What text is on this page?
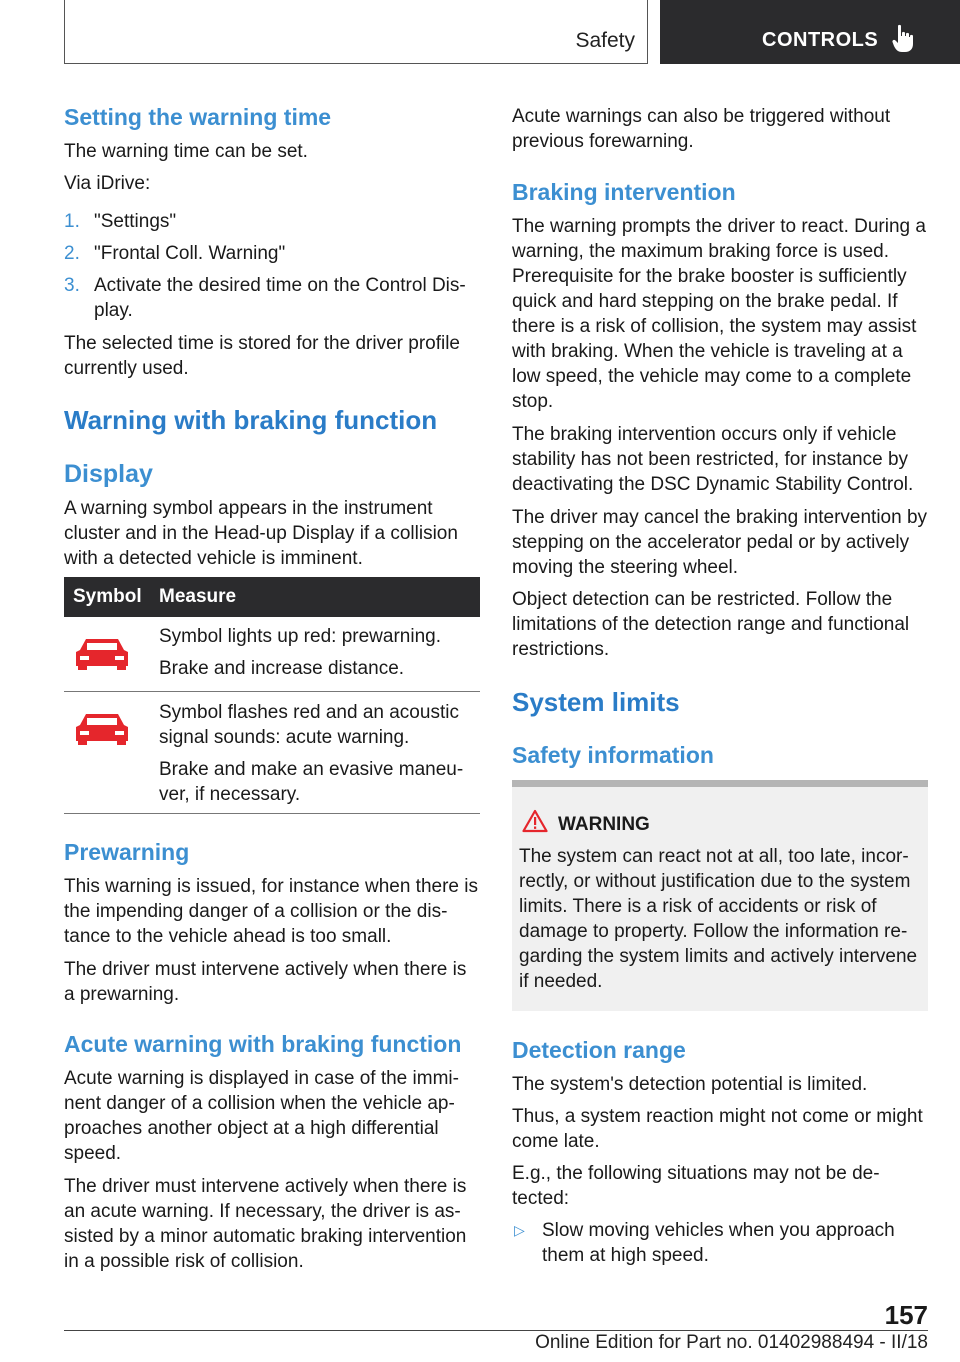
Safety	CONTROLS
Setting the warning time
The warning time can be set.
Via iDrive:
1. "Settings"
2. "Frontal Coll. Warning"
3. Activate the desired time on the Control Display.
The selected time is stored for the driver profile currently used.
Warning with braking function
Display
A warning symbol appears in the instrument cluster and in the Head-up Display if a collision with a detected vehicle is imminent.
Symbol Measure
Symbol lights up red: prewarning.
Brake and increase distance.
Symbol flashes red and an acoustic signal sounds: acute warning.
Brake and make an evasive maneuver, if necessary.
Prewarning
This warning is issued, for instance when there is the impending danger of a collision or the distance to the vehicle ahead is too small.
The driver must intervene actively when there is a prewarning.
Acute warning with braking function
Acute warning is displayed in case of the imminent danger of a collision when the vehicle approaches another object at a high differential speed.
The driver must intervene actively when there is an acute warning. If necessary, the driver is assisted by a minor automatic braking intervention in a possible risk of collision.
Acute warnings can also be triggered without previous forewarning.
Braking intervention
The warning prompts the driver to react. During a warning, the maximum braking force is used. Prerequisite for the brake booster is sufficiently quick and hard stepping on the brake pedal. If there is a risk of collision, the system may assist with braking. When the vehicle is traveling at a low speed, the vehicle may come to a complete stop.
The braking intervention occurs only if vehicle stability has not been restricted, for instance by deactivating the DSC Dynamic Stability Control.
The driver may cancel the braking intervention by stepping on the accelerator pedal or by actively moving the steering wheel.
Object detection can be restricted. Follow the limitations of the detection range and functional restrictions.
System limits
Safety information
WARNING
The system can react not at all, too late, incorrectly, or without justification due to the system limits. There is a risk of accidents or risk of damage to property. Follow the information regarding the system limits and actively intervene if needed.
Detection range
The system's detection potential is limited.
Thus, a system reaction might not come or might come late.
E.g., the following situations may not be detected:
▷ Slow moving vehicles when you approach them at high speed.
157
Online Edition for Part no. 01402988494 - II/18
